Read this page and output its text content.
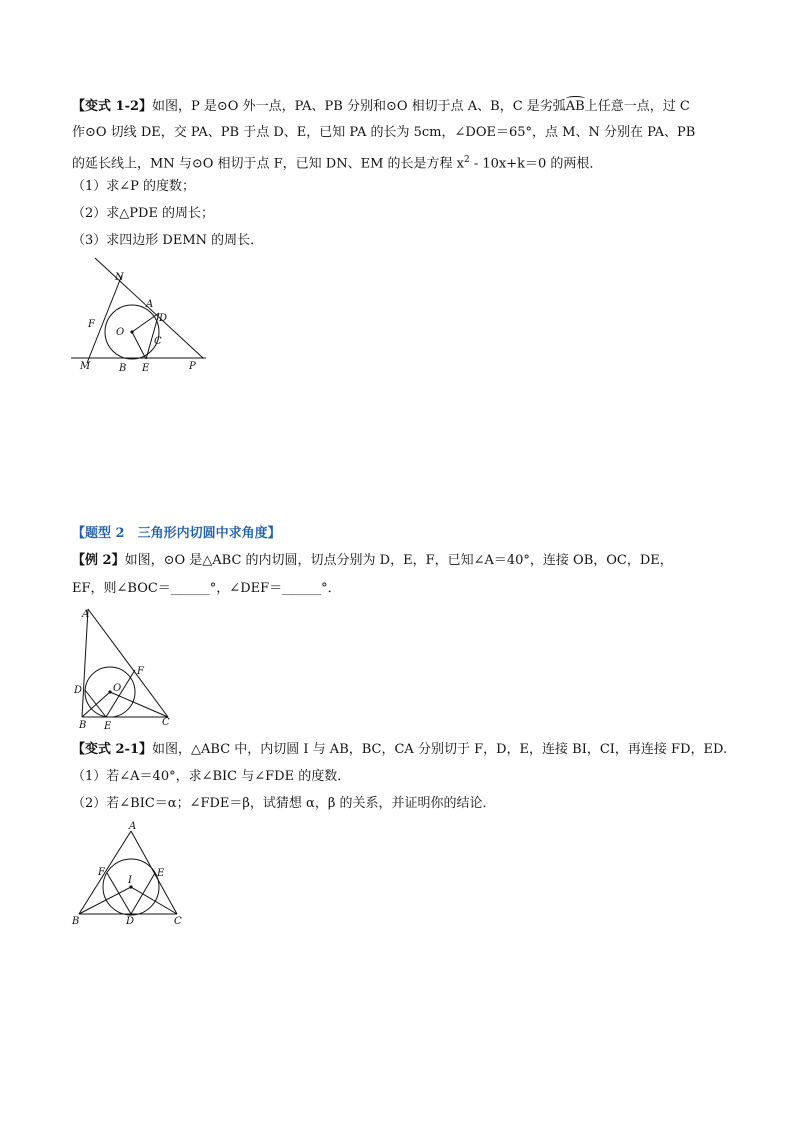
【变式 1-2】如图，P 是⊙O 外一点，PA、PB 分别和⊙O 相切于点 A、B，C 是劣弧AB上任意一点，过 C
作⊙O 切线 DE，交 PA、PB 于点 D、E，已知 PA 的长为 5cm，∠DOE＝65°，点 M、N 分别在 PA、PB
的延长线上，MN 与⊙O 相切于点 F，已知 DN、EM 的长是方程 $x^2 - 10x+k=0$ 的两根．
（1）求∠P 的度数；
（2）求△PDE 的周长；
（3）求四边形 DEMN 的周长．
N
A
F
O
D
C
M	B E	P
【题型 2　三角形内切圆中求角度】
【例 2】如图，⊙O 是△ABC 的内切圆，切点分别为 D，E，F，已知∠A＝40°，连接 OB，OC，DE，
EF，则∠BOC＝______°，∠DEF＝______°．
A
F
D	O
B E	C
【变式 2-1】如图，△ABC 中，内切圆 I 与 AB，BC，CA 分别切于 F，D，E，连接 BI，CI，再连接 FD，ED.
（1）若∠A＝40°，求∠BIC 与∠FDE 的度数．
（2）若∠BIC＝α；∠FDE＝β，试猜想 α，β 的关系，并证明你的结论．
A
F	E
I
B	D	C
